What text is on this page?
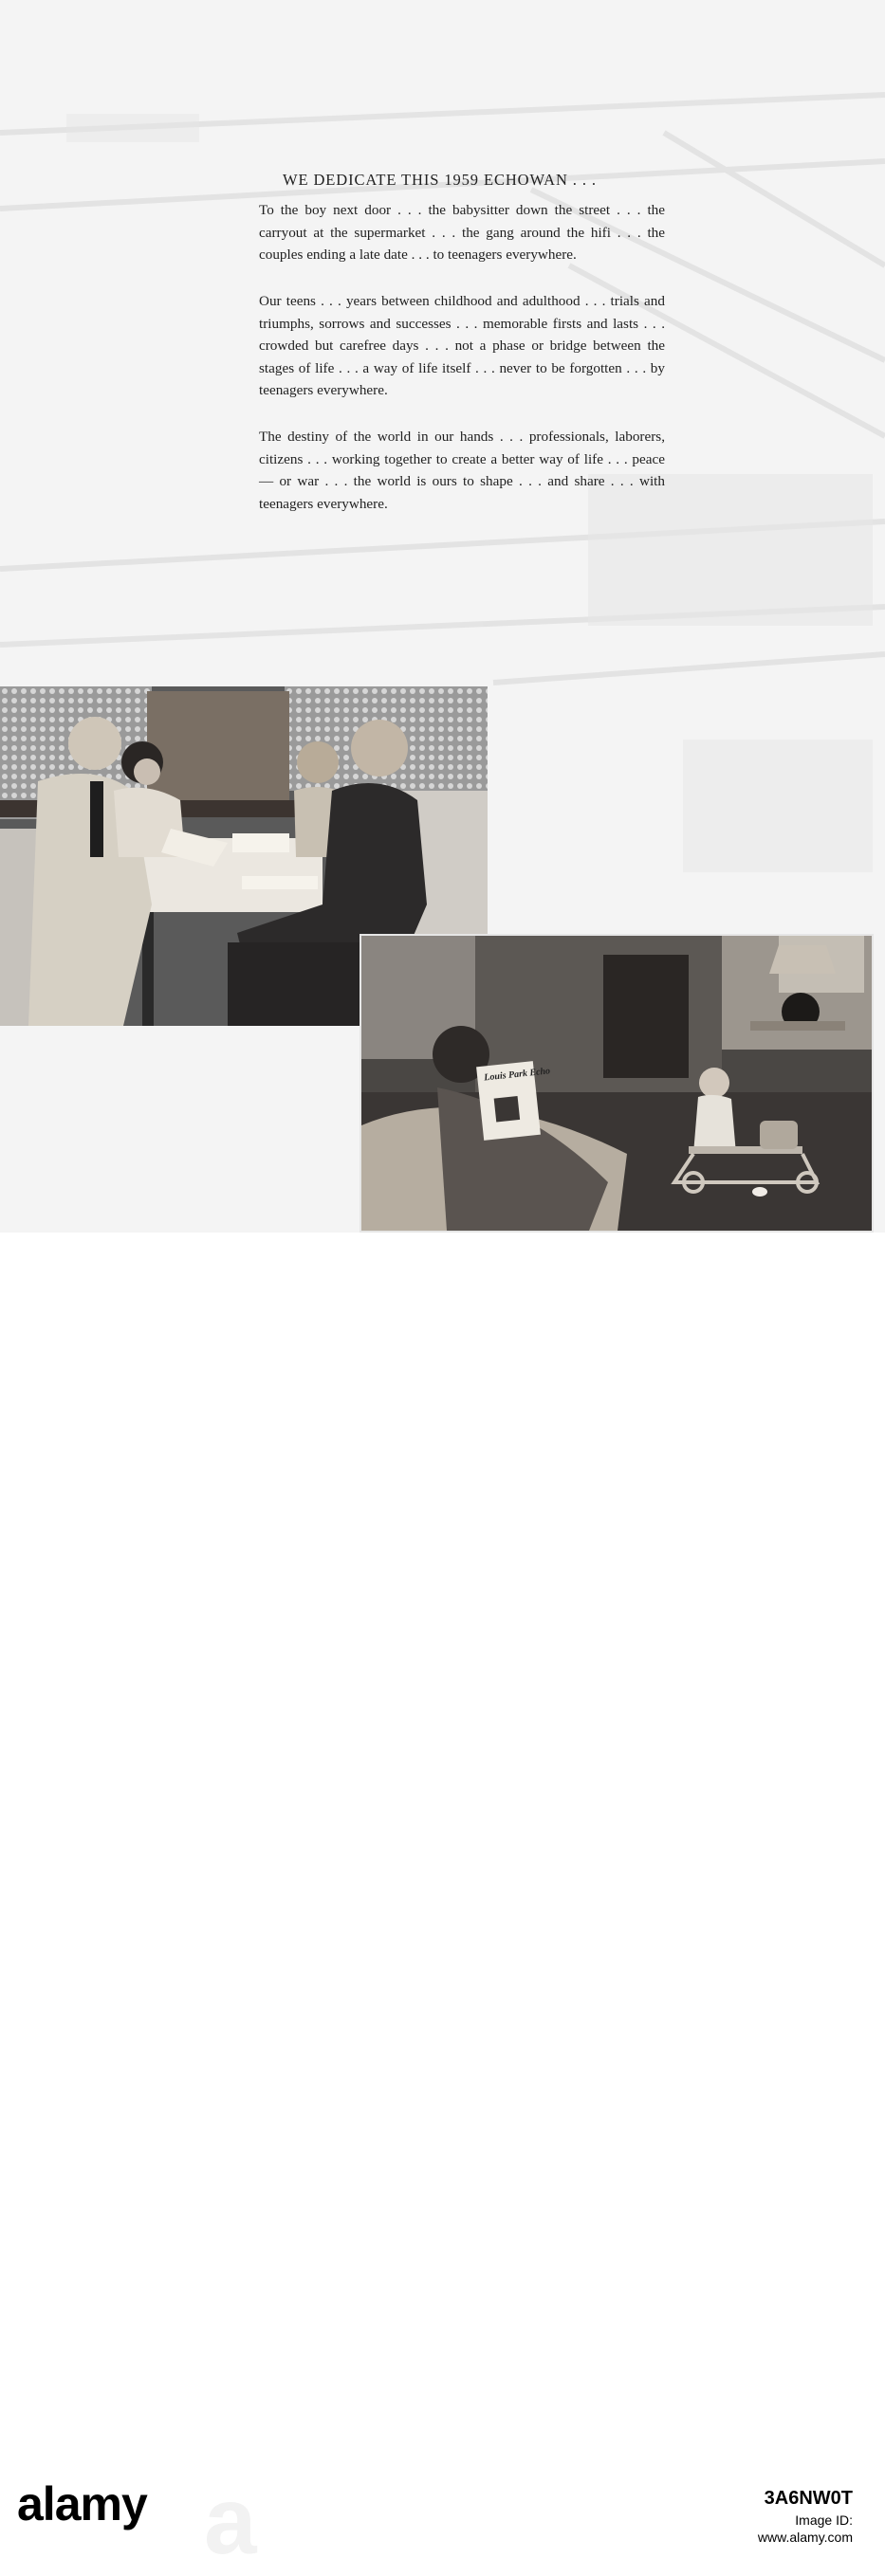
WE DEDICATE THIS 1959 ECHOWAN . . .
To the boy next door . . . the babysitter down the street . . . the carryout at the supermarket . . . the gang around the hifi . . . the couples ending a late date . . . to teenagers everywhere.
Our teens . . . years between childhood and adulthood . . . trials and triumphs, sorrows and successes . . . memorable firsts and lasts . . . crowded but carefree days . . . not a phase or bridge between the stages of life . . . a way of life itself . . . never to be forgotten . . . by teenagers everywhere.
The destiny of the world in our hands . . . professionals, laborers, citizens . . . working together to create a better way of life . . . peace — or war . . . the world is ours to shape . . . and share . . . with teenagers everywhere.
Louis Park Echo
a
alamy	3A6NW0T
Image ID:
www.alamy.com
